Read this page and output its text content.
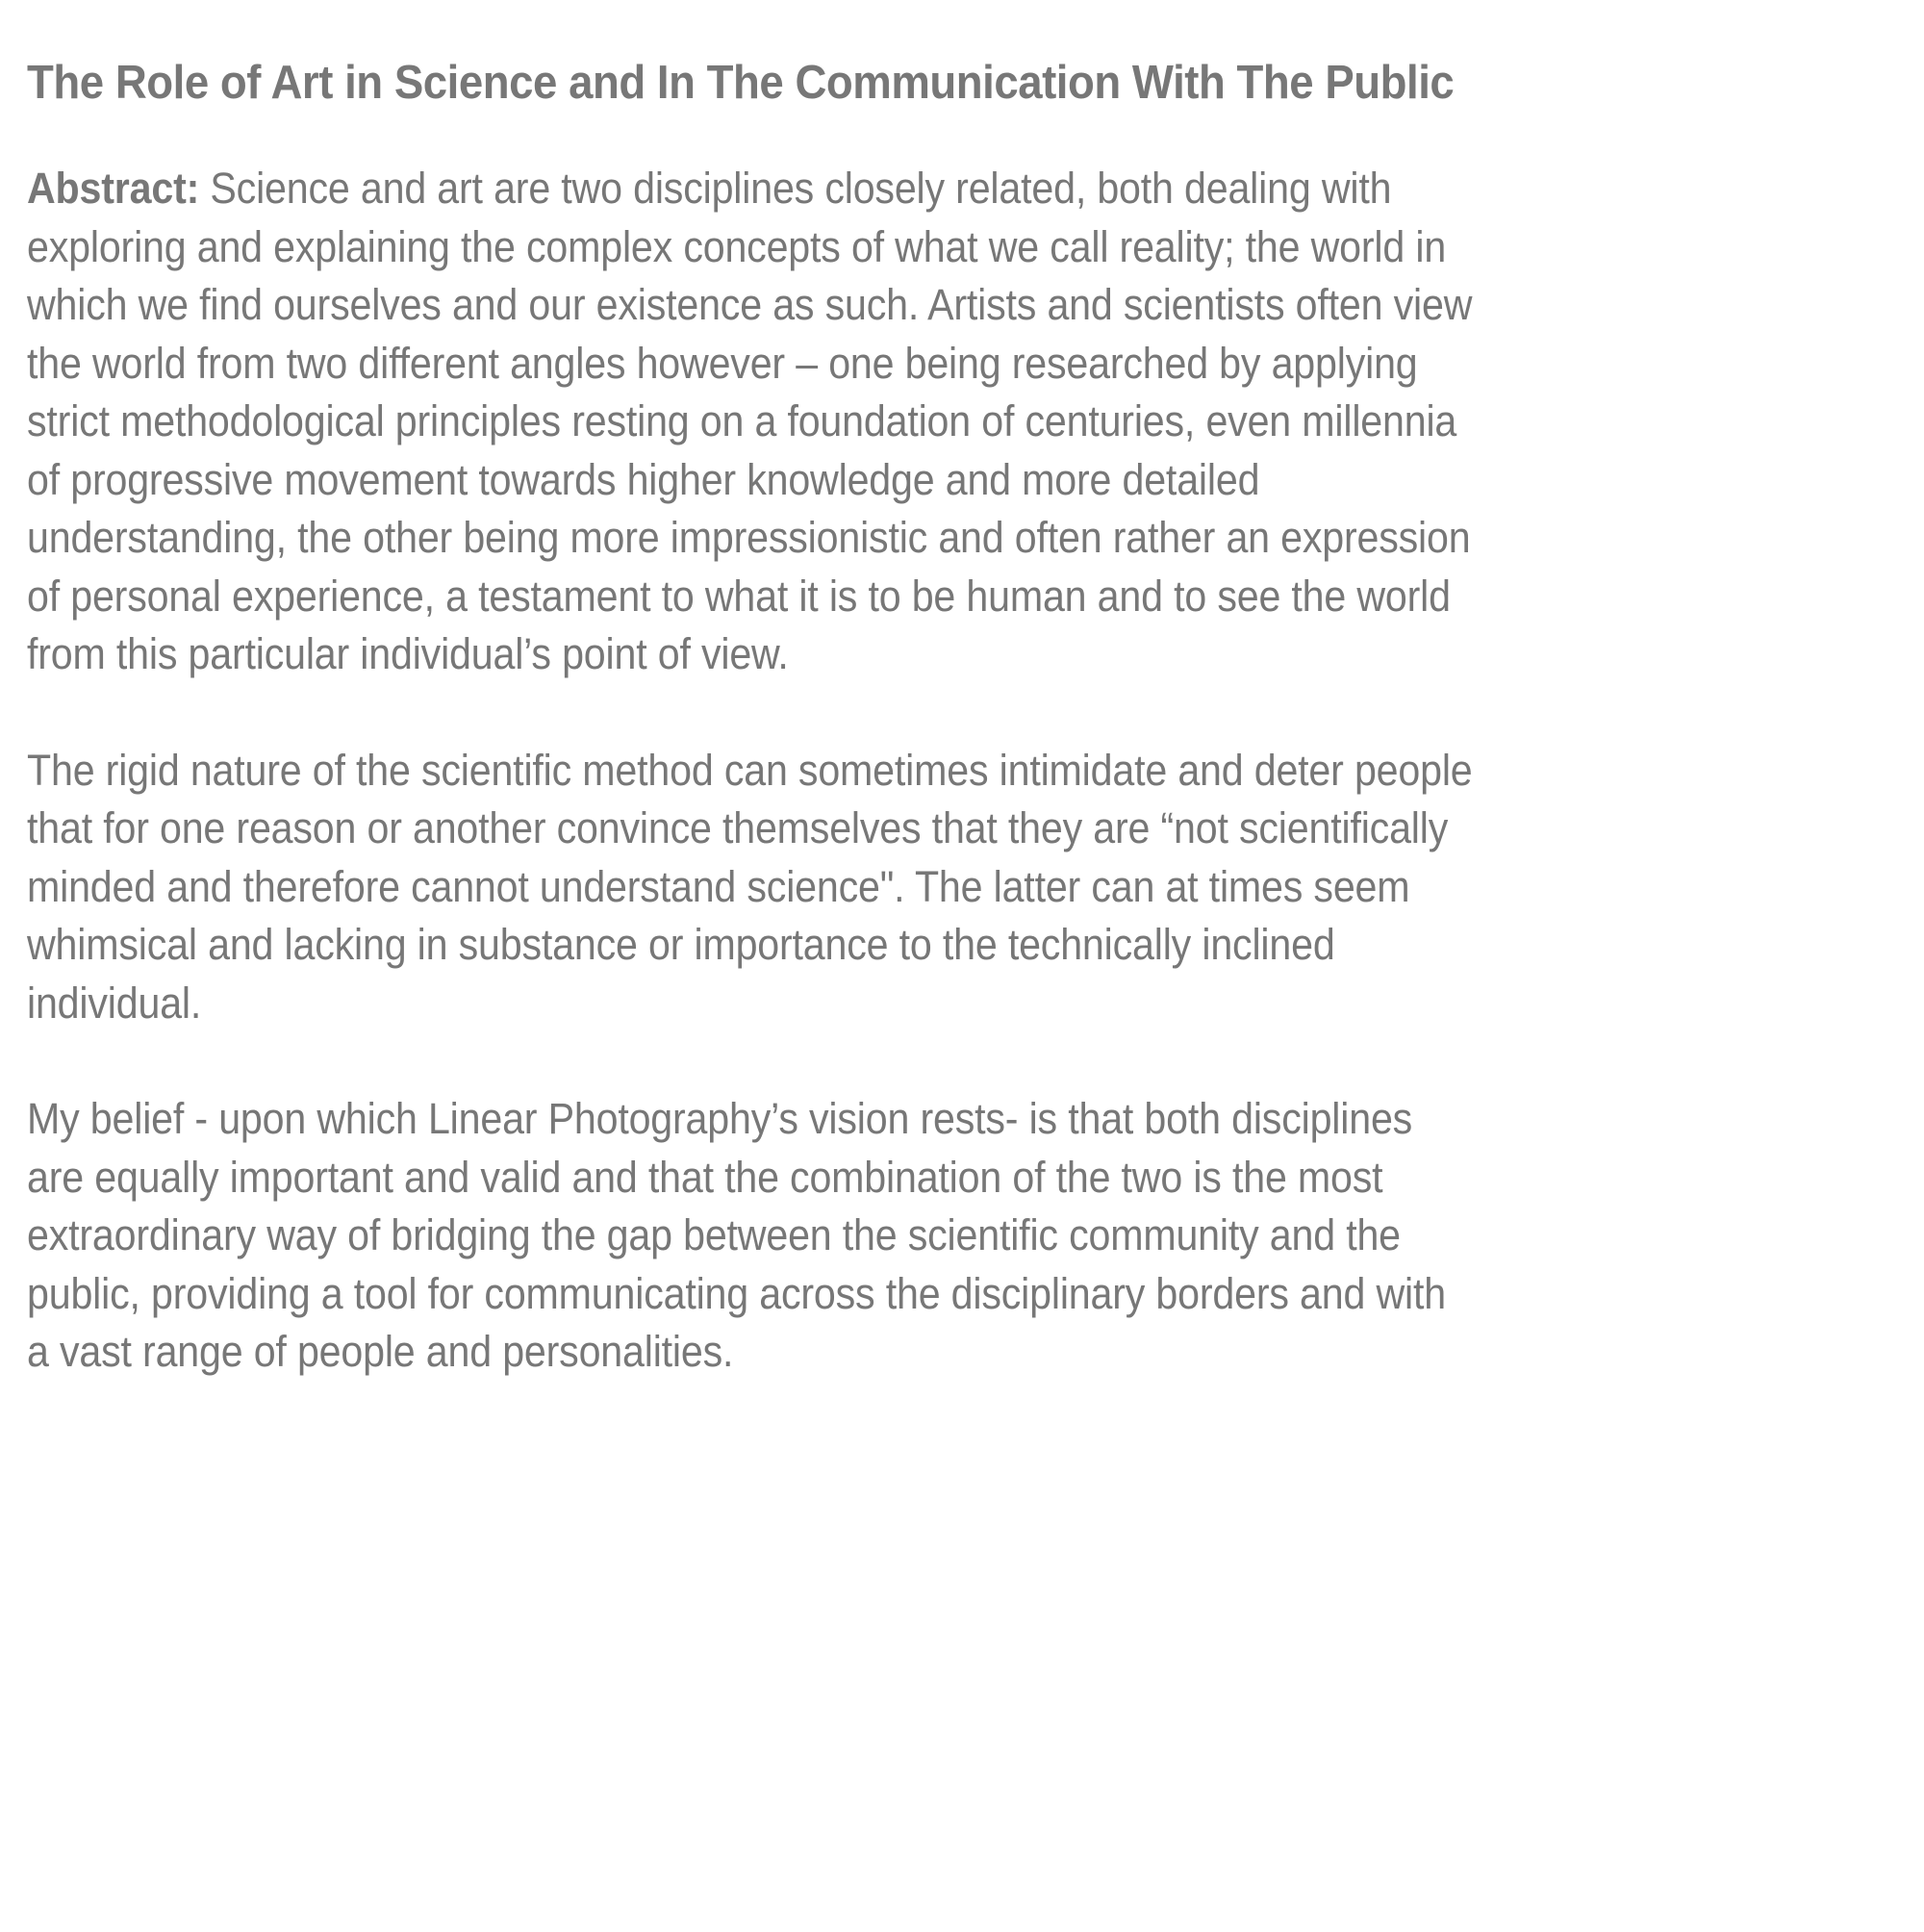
The Role of Art in Science and In The Communication With The Public

Abstract: Science and art are two disciplines closely related, both dealing with
exploring and explaining the complex concepts of what we call reality; the world in
which we find ourselves and our existence as such. Artists and scientists often view
the world from two different angles however – one being researched by applying
strict methodological principles resting on a foundation of centuries, even millennia
of progressive movement towards higher knowledge and more detailed
understanding, the other being more impressionistic and often rather an expression
of personal experience, a testament to what it is to be human and to see the world
from this particular individual’s point of view.

The rigid nature of the scientific method can sometimes intimidate and deter people
that for one reason or another convince themselves that they are “not scientifically
minded and therefore cannot understand science". The latter can at times seem
whimsical and lacking in substance or importance to the technically inclined
individual.

My belief - upon which Linear Photography’s vision rests- is that both disciplines
are equally important and valid and that the combination of the two is the most
extraordinary way of bridging the gap between the scientific community and the
public, providing a tool for communicating across the disciplinary borders and with
a vast range of people and personalities.
